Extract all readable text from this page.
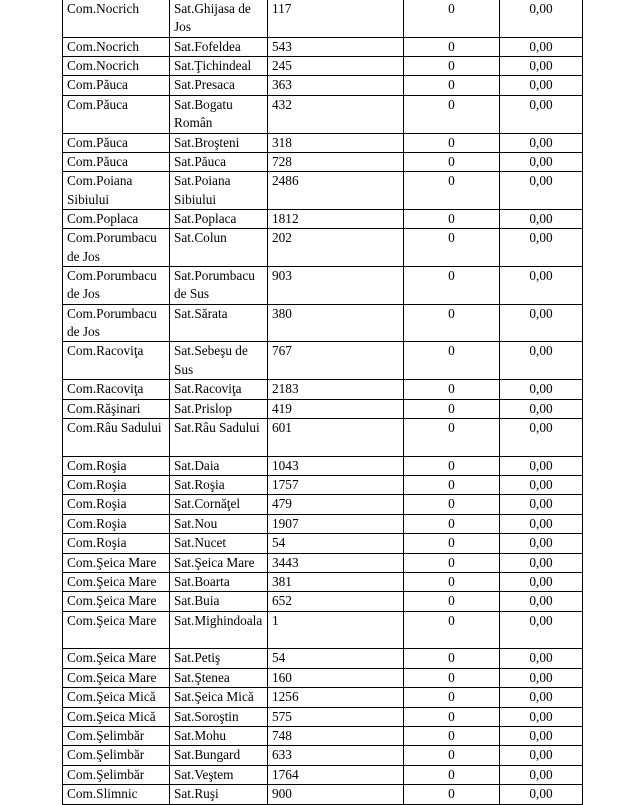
Com.Nocrich	Sat.Ghijasa de Jos	117	0	0,00
Com.Nocrich	Sat.Fofeldea	543	0	0,00
Com.Nocrich	Sat.Ţichindeal	245	0	0,00
Com.Păuca	Sat.Presaca	363	0	0,00
Com.Păuca	Sat.Bogatu Român	432	0	0,00
Com.Păuca	Sat.Broşteni	318	0	0,00
Com.Păuca	Sat.Păuca	728	0	0,00
Com.Poiana Sibiului	Sat.Poiana Sibiului	2486	0	0,00
Com.Poplaca	Sat.Poplaca	1812	0	0,00
Com.Porumbacu de Jos	Sat.Colun	202	0	0,00
Com.Porumbacu de Jos	Sat.Porumbacu de Sus	903	0	0,00
Com.Porumbacu de Jos	Sat.Sărata	380	0	0,00
Com.Racoviţa	Sat.Sebeşu de Sus	767	0	0,00
Com.Racoviţa	Sat.Racoviţa	2183	0	0,00
Com.Răşinari	Sat.Prislop	419	0	0,00
Com.Râu Sadului	Sat.Râu Sadului	601	0	0,00
Com.Roşia	Sat.Daia	1043	0	0,00
Com.Roşia	Sat.Roşia	1757	0	0,00
Com.Roşia	Sat.Cornăţel	479	0	0,00
Com.Roşia	Sat.Nou	1907	0	0,00
Com.Roşia	Sat.Nucet	54	0	0,00
Com.Şeica Mare	Sat.Şeica Mare	3443	0	0,00
Com.Şeica Mare	Sat.Boarta	381	0	0,00
Com.Şeica Mare	Sat.Buia	652	0	0,00
Com.Şeica Mare	Sat.Mighindoala	1	0	0,00
Com.Şeica Mare	Sat.Petiş	54	0	0,00
Com.Şeica Mare	Sat.Ştenea	160	0	0,00
Com.Şeica Mică	Sat.Şeica Mică	1256	0	0,00
Com.Şeica Mică	Sat.Soroştin	575	0	0,00
Com.Şelimbăr	Sat.Mohu	748	0	0,00
Com.Şelimbăr	Sat.Bungard	633	0	0,00
Com.Şelimbăr	Sat.Veştem	1764	0	0,00
Com.Slimnic	Sat.Ruşi	900	0	0,00
